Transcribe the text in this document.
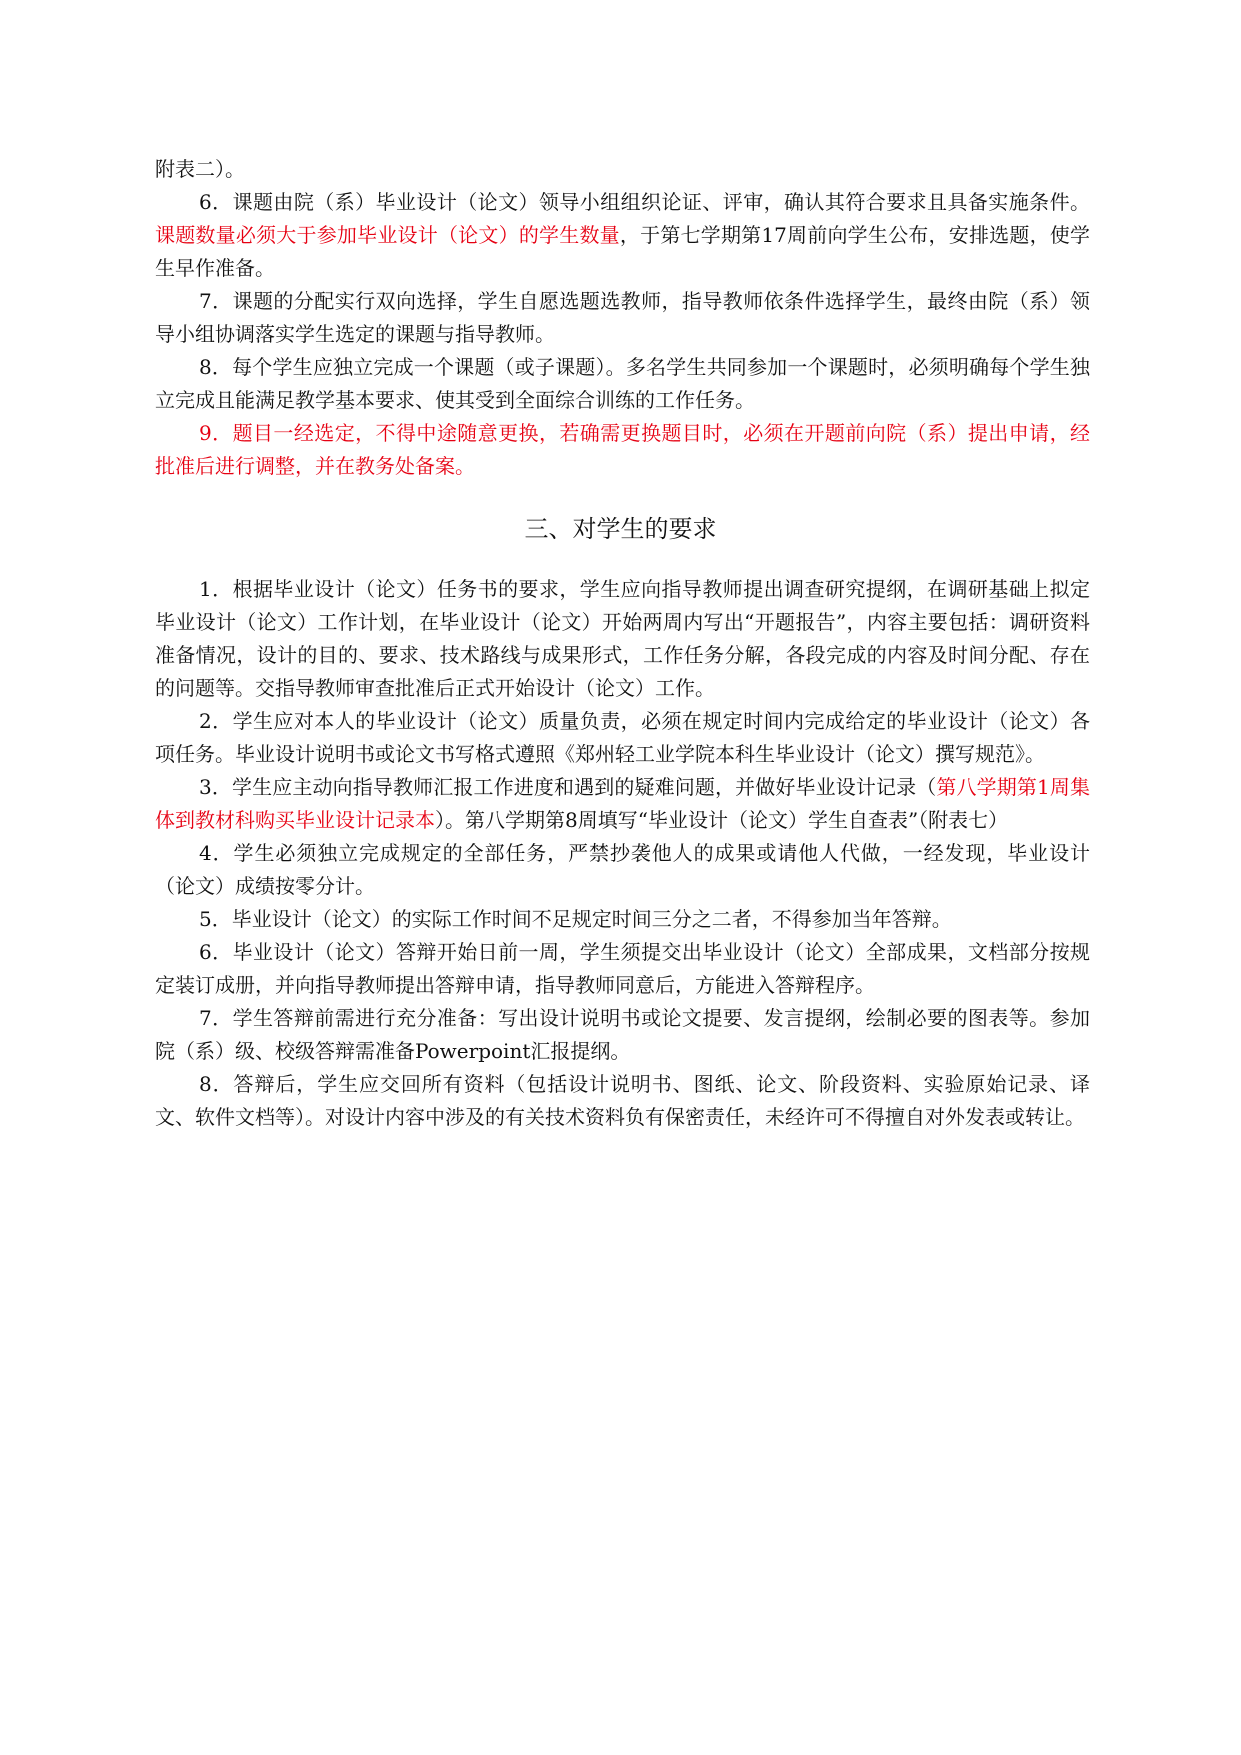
附表二）。

6．课题由院（系）毕业设计（论文）领导小组组织论证、评审，确认其符合要求且具备实施条件。课题数量必须大于参加毕业设计（论文）的学生数量，于第七学期第17周前向学生公布，安排选题，使学生早作准备。

7．课题的分配实行双向选择，学生自愿选题选教师，指导教师依条件选择学生，最终由院（系）领导小组协调落实学生选定的课题与指导教师。

8．每个学生应独立完成一个课题（或子课题）。多名学生共同参加一个课题时，必须明确每个学生独立完成且能满足教学基本要求、使其受到全面综合训练的工作任务。

9．题目一经选定，不得中途随意更换，若确需更换题目时，必须在开题前向院（系）提出申请，经批准后进行调整，并在教务处备案。

三、对学生的要求

1．根据毕业设计（论文）任务书的要求，学生应向指导教师提出调查研究提纲，在调研基础上拟定毕业设计（论文）工作计划，在毕业设计（论文）开始两周内写出“开题报告”，内容主要包括：调研资料准备情况，设计的目的、要求、技术路线与成果形式，工作任务分解，各段完成的内容及时间分配、存在的问题等。交指导教师审查批准后正式开始设计（论文）工作。

2．学生应对本人的毕业设计（论文）质量负责，必须在规定时间内完成给定的毕业设计（论文）各项任务。毕业设计说明书或论文书写格式遵照《郑州轻工业学院本科生毕业设计（论文）撰写规范》。

3．学生应主动向指导教师汇报工作进度和遇到的疑难问题，并做好毕业设计记录（第八学期第1周集体到教材科购买毕业设计记录本）。第八学期第8周填写“毕业设计（论文）学生自查表”（附表七）

4．学生必须独立完成规定的全部任务，严禁抄袭他人的成果或请他人代做，一经发现，毕业设计（论文）成绩按零分计。

5．毕业设计（论文）的实际工作时间不足规定时间三分之二者，不得参加当年答辩。

6．毕业设计（论文）答辩开始日前一周，学生须提交出毕业设计（论文）全部成果，文档部分按规定装订成册，并向指导教师提出答辩申请，指导教师同意后，方能进入答辩程序。

7．学生答辩前需进行充分准备：写出设计说明书或论文提要、发言提纲，绘制必要的图表等。参加院（系）级、校级答辩需准备Powerpoint汇报提纲。

8．答辩后，学生应交回所有资料（包括设计说明书、图纸、论文、阶段资料、实验原始记录、译文、软件文档等）。对设计内容中涉及的有关技术资料负有保密责任，未经许可不得擅自对外发表或转让。
